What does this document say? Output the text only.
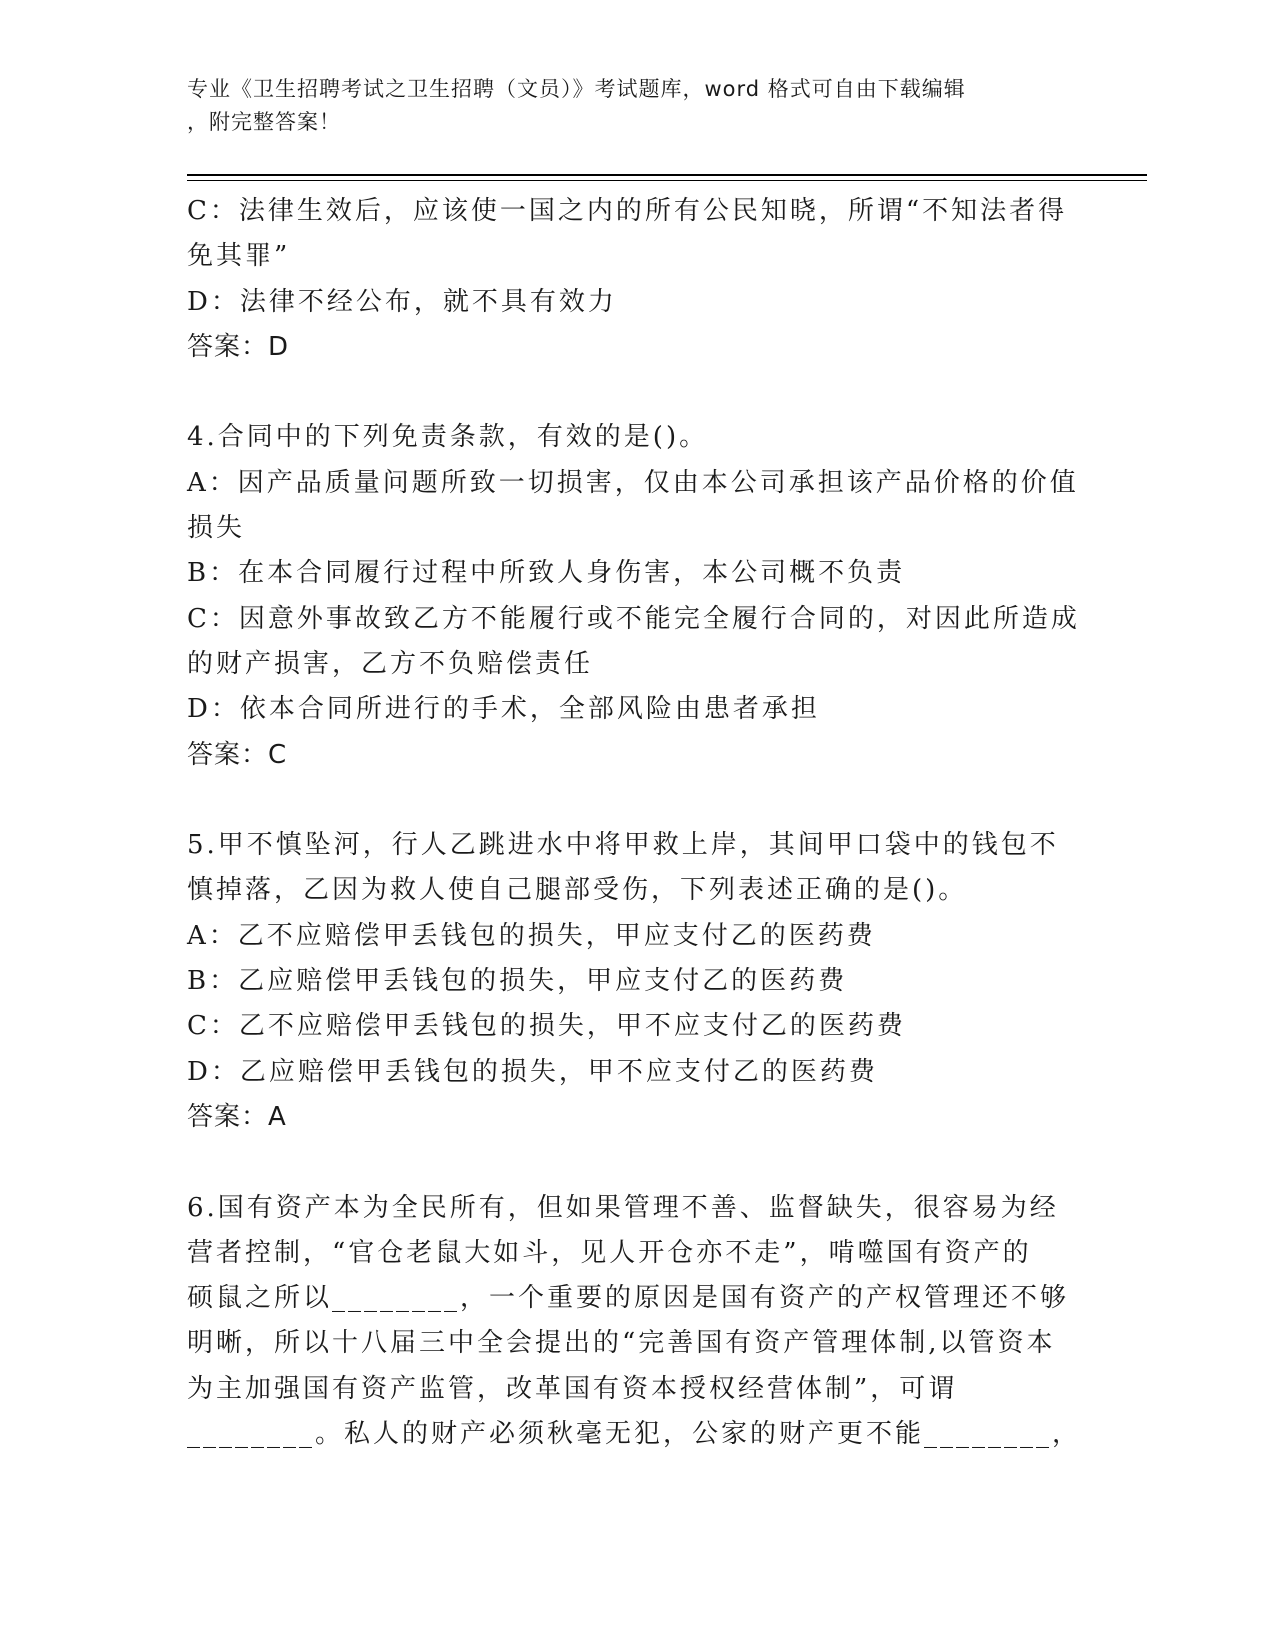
专业《卫生招聘考试之卫生招聘（文员）》考试题库，word 格式可自由下载编辑
，附完整答案！
C：法律生效后，应该使一国之内的所有公民知晓，所谓“不知法者得
免其罪”
D：法律不经公布，就不具有效力
答案：D
4.合同中的下列免责条款，有效的是()。
A：因产品质量问题所致一切损害，仅由本公司承担该产品价格的价值
损失
B：在本合同履行过程中所致人身伤害，本公司概不负责
C：因意外事故致乙方不能履行或不能完全履行合同的，对因此所造成
的财产损害，乙方不负赔偿责任
D：依本合同所进行的手术，全部风险由患者承担
答案：C
5.甲不慎坠河，行人乙跳进水中将甲救上岸，其间甲口袋中的钱包不
慎掉落，乙因为救人使自己腿部受伤，下列表述正确的是()。
A：乙不应赔偿甲丢钱包的损失，甲应支付乙的医药费
B：乙应赔偿甲丢钱包的损失，甲应支付乙的医药费
C：乙不应赔偿甲丢钱包的损失，甲不应支付乙的医药费
D：乙应赔偿甲丢钱包的损失，甲不应支付乙的医药费
答案：A
6.国有资产本为全民所有，但如果管理不善、监督缺失，很容易为经
营者控制，“官仓老鼠大如斗，见人开仓亦不走”，啃噬国有资产的
硕鼠之所以________，一个重要的原因是国有资产的产权管理还不够
明晰，所以十八届三中全会提出的“完善国有资产管理体制,以管资本
为主加强国有资产监管，改革国有资本授权经营体制”，可谓
________。私人的财产必须秋毫无犯，公家的财产更不能________，
